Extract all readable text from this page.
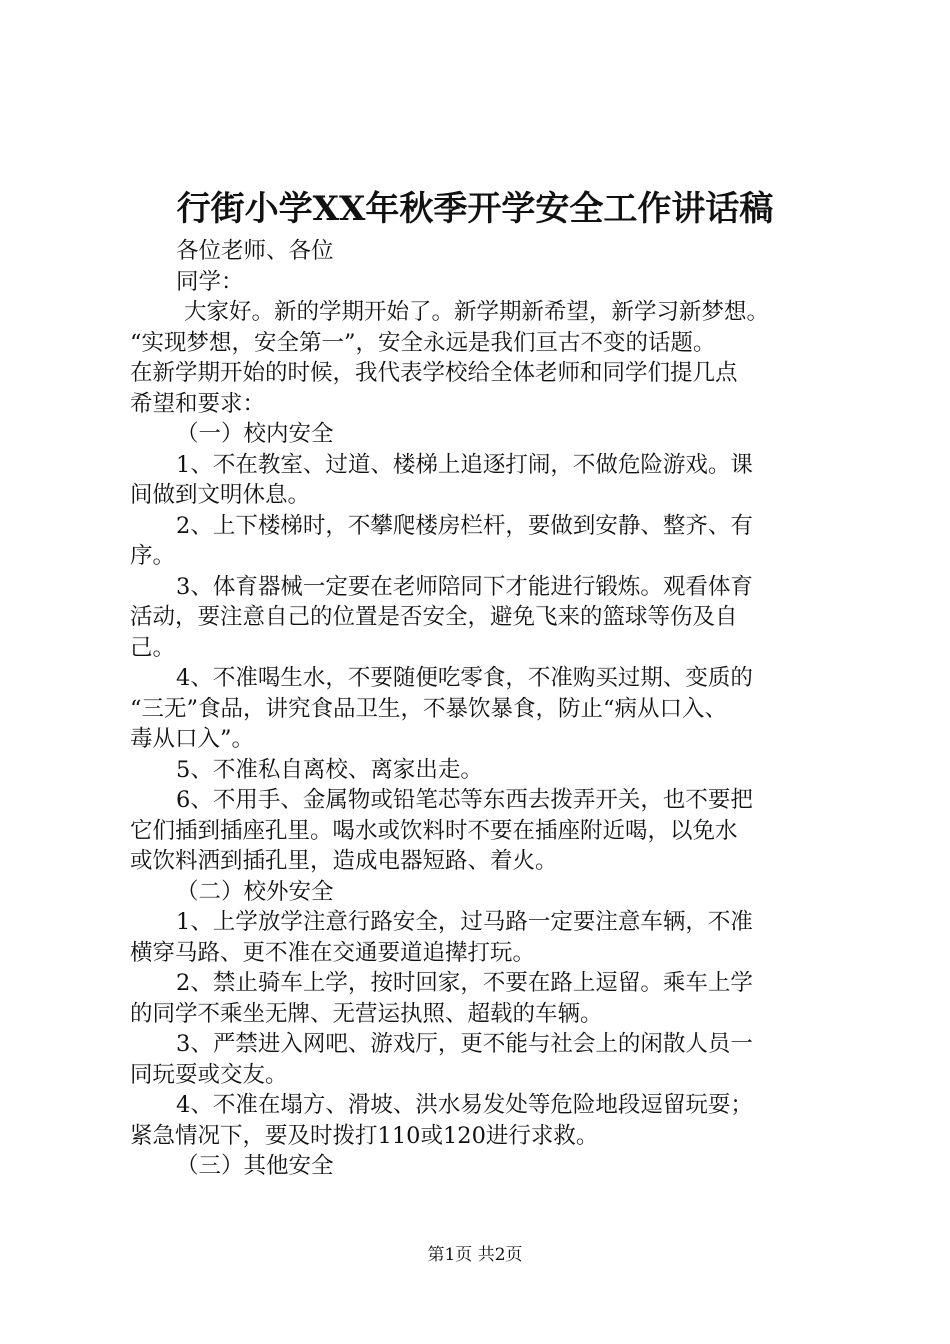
行街小学XX年秋季开学安全工作讲话稿
各位老师、各位
同学：
大家好。新的学期开始了。新学期新希望，新学习新梦想。
“实现梦想，安全第一”，安全永远是我们亘古不变的话题。
在新学期开始的时候，我代表学校给全体老师和同学们提几点
希望和要求：
（一）校内安全
1、不在教室、过道、楼梯上追逐打闹，不做危险游戏。课
间做到文明休息。
2、上下楼梯时，不攀爬楼房栏杆，要做到安静、整齐、有
序。
3、体育器械一定要在老师陪同下才能进行锻炼。观看体育
活动，要注意自己的位置是否安全，避免飞来的篮球等伤及自
己。
4、不准喝生水，不要随便吃零食，不准购买过期、变质的
“三无”食品，讲究食品卫生，不暴饮暴食，防止“病从口入、
毒从口入”。
5、不准私自离校、离家出走。
6、不用手、金属物或铅笔芯等东西去拨弄开关，也不要把
它们插到插座孔里。喝水或饮料时不要在插座附近喝，以免水
或饮料洒到插孔里，造成电器短路、着火。
（二）校外安全
1、上学放学注意行路安全，过马路一定要注意车辆，不准
横穿马路、更不准在交通要道追撵打玩。
2、禁止骑车上学，按时回家，不要在路上逗留。乘车上学
的同学不乘坐无牌、无营运执照、超载的车辆。
3、严禁进入网吧、游戏厅，更不能与社会上的闲散人员一
同玩耍或交友。
4、不准在塌方、滑坡、洪水易发处等危险地段逗留玩耍；
紧急情况下，要及时拨打110或120进行求救。
（三）其他安全
第1页 共2页
